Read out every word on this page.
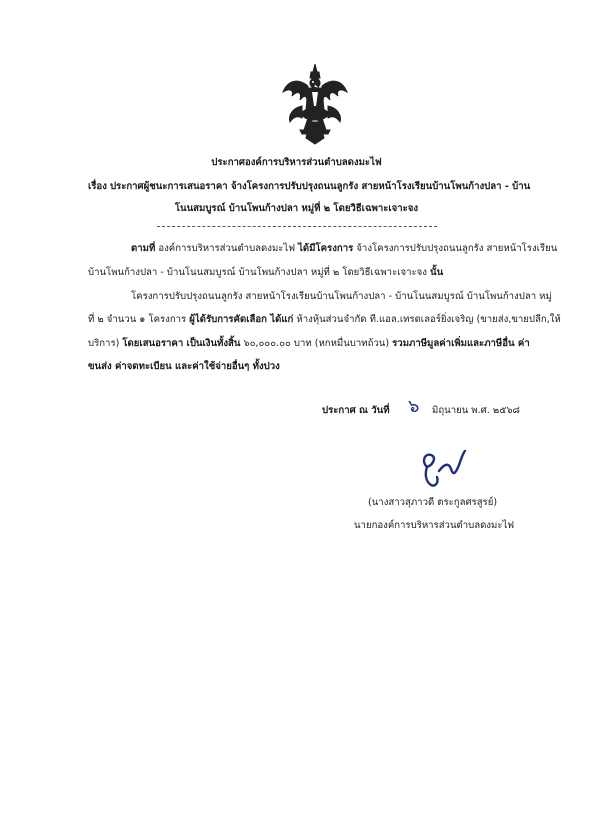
ประกาศองค์การบริหารส่วนตำบลดงมะไฟ
เรื่อง ประกาศผู้ชนะการเสนอราคา จ้างโครงการปรับปรุงถนนลูกรัง สายหน้าโรงเรียนบ้านโพนก้างปลา - บ้าน
โนนสมบูรณ์ บ้านโพนก้างปลา หมู่ที่ ๒ โดยวิธีเฉพาะเจาะจง
ตามที่ องค์การบริหารส่วนตำบลดงมะไฟ ได้มีโครงการ จ้างโครงการปรับปรุงถนนลูกรัง สายหน้าโรงเรียน
บ้านโพนก้างปลา - บ้านโนนสมบูรณ์ บ้านโพนก้างปลา หมู่ที่ ๒ โดยวิธีเฉพาะเจาะจง นั้น
โครงการปรับปรุงถนนลูกรัง สายหน้าโรงเรียนบ้านโพนก้างปลา - บ้านโนนสมบูรณ์ บ้านโพนก้างปลา หมู่
ที่ ๒ จำนวน ๑ โครงการ ผู้ได้รับการคัดเลือก ได้แก่ ห้างหุ้นส่วนจำกัด ที.แอล.เทรดเลอร์ยิ่งเจริญ (ขายส่ง,ขายปลีก,ให้
บริการ) โดยเสนอราคา เป็นเงินทั้งสิ้น ๖๐,๐๐๐.๐๐ บาท (หกหมื่นบาทถ้วน) รวมภาษีมูลค่าเพิ่มและภาษีอื่น ค่า
ขนส่ง ค่าจดทะเบียน และค่าใช้จ่ายอื่นๆ ทั้งปวง
ประกาศ ณ วันที่ ๖ มิถุนายน พ.ศ. ๒๕๖๘
(นางสาวสุภาวดี ตระกูลศรสูรย์)
นายกองค์การบริหารส่วนตำบลดงมะไฟ
